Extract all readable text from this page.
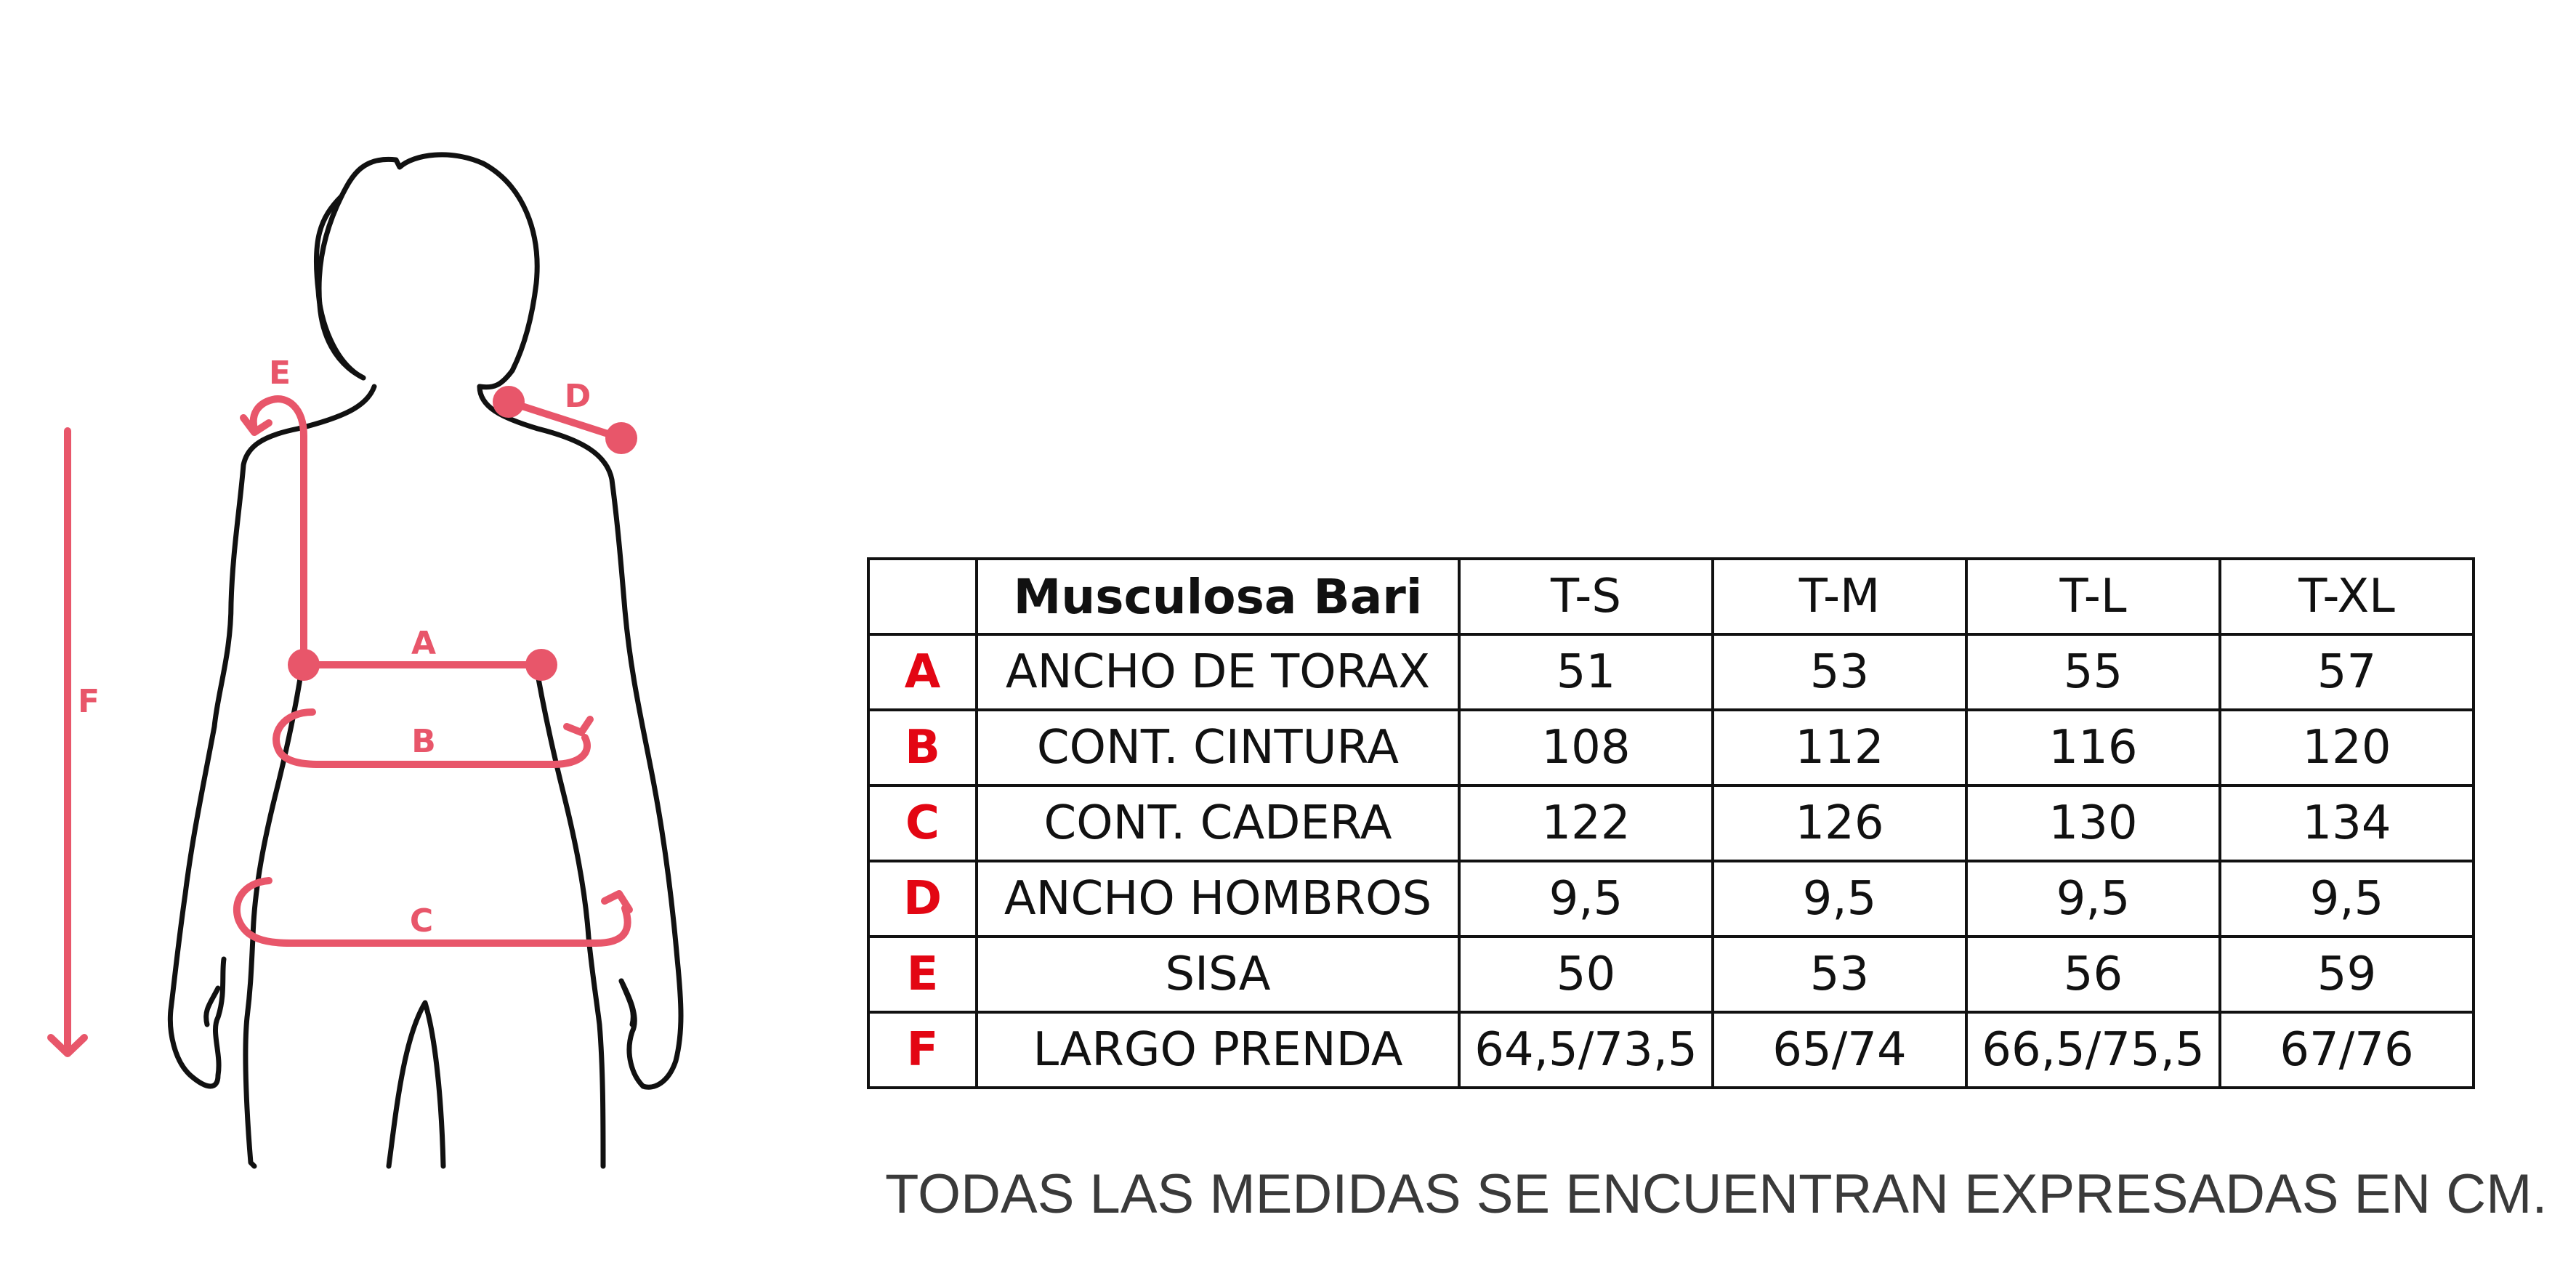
E
D
F
A
B
C
	Musculosa Bari	T-S	T-M	T-L	T-XL
A	ANCHO DE TORAX	51	53	55	57
B	CONT. CINTURA	108	112	116	120
C	CONT. CADERA	122	126	130	134
D	ANCHO HOMBROS	9,5	9,5	9,5	9,5
E	SISA	50	53	56	59
F	LARGO PRENDA	64,5/73,5	65/74	66,5/75,5	67/76
TODAS LAS MEDIDAS SE ENCUENTRAN EXPRESADAS EN CM.
